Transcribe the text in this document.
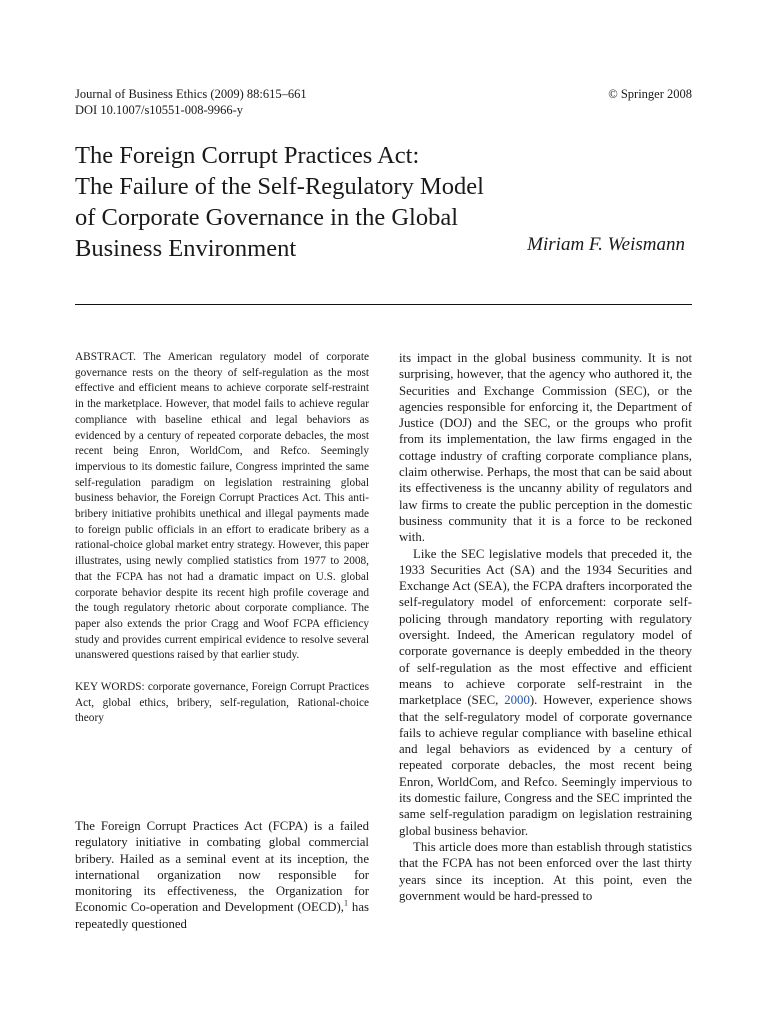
Journal of Business Ethics (2009) 88:615–661
DOI 10.1007/s10551-008-9966-y
© Springer 2008
The Foreign Corrupt Practices Act:
The Failure of the Self-Regulatory Model
of Corporate Governance in the Global
Business Environment	Miriam F. Weismann

ABSTRACT. The American regulatory model of corporate governance rests on the theory of self-regulation as the most effective and efficient means to achieve corporate self-restraint in the marketplace. However, that model fails to achieve regular compliance with baseline ethical and legal behaviors as evidenced by a century of repeated corporate debacles, the most recent being Enron, WorldCom, and Refco. Seemingly impervious to its domestic failure, Congress imprinted the same self-regulation paradigm on legislation restraining global business behavior, the Foreign Corrupt Practices Act. This anti-bribery initiative prohibits unethical and illegal payments made to foreign public officials in an effort to eradicate bribery as a rational-choice global market entry strategy. However, this paper illustrates, using newly complied statistics from 1977 to 2008, that the FCPA has not had a dramatic impact on U.S. global corporate behavior despite its recent high profile coverage and the tough regulatory rhetoric about corporate compliance. The paper also extends the prior Cragg and Woof FCPA efficiency study and provides current empirical evidence to resolve several unanswered questions raised by that earlier study.

KEY WORDS: corporate governance, Foreign Corrupt Practices Act, global ethics, bribery, self-regulation, Rational-choice theory

The Foreign Corrupt Practices Act (FCPA) is a failed regulatory initiative in combating global commercial bribery. Hailed as a seminal event at its inception, the international organization now responsible for monitoring its effectiveness, the Organization for Economic Co-operation and Development (OECD),$^1$ has repeatedly questioned

its impact in the global business community. It is not surprising, however, that the agency who authored it, the Securities and Exchange Commission (SEC), or the agencies responsible for enforcing it, the Department of Justice (DOJ) and the SEC, or the groups who profit from its implementation, the law firms engaged in the cottage industry of crafting corporate compliance plans, claim otherwise. Perhaps, the most that can be said about its effectiveness is the uncanny ability of regulators and law firms to create the public perception in the domestic business community that it is a force to be reckoned with.

Like the SEC legislative models that preceded it, the 1933 Securities Act (SA) and the 1934 Securities and Exchange Act (SEA), the FCPA drafters incorporated the self-regulatory model of enforcement: corporate self-policing through mandatory reporting with regulatory oversight. Indeed, the American regulatory model of corporate governance is deeply embedded in the theory of self-regulation as the most effective and efficient means to achieve corporate self-restraint in the marketplace (SEC, 2000). However, experience shows that the self-regulatory model of corporate governance fails to achieve regular compliance with baseline ethical and legal behaviors as evidenced by a century of repeated corporate debacles, the most recent being Enron, WorldCom, and Refco. Seemingly impervious to its domestic failure, Congress and the SEC imprinted the same self-regulation paradigm on legislation restraining global business behavior.

This article does more than establish through statistics that the FCPA has not been enforced over the last thirty years since its inception. At this point, even the government would be hard-pressed to
